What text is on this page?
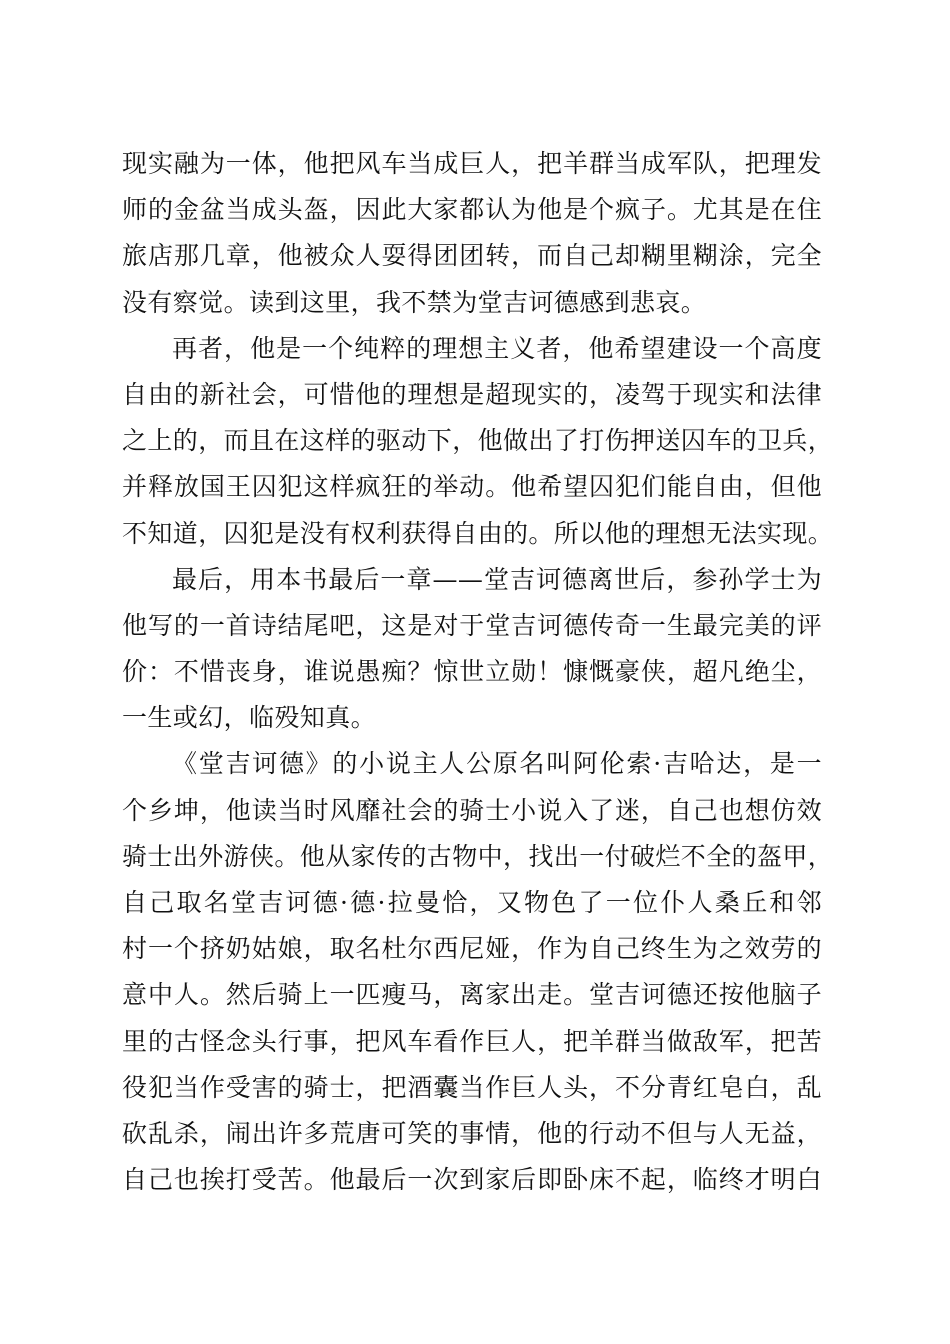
现实融为一体，他把风车当成巨人，把羊群当成军队，把理发
师的金盆当成头盔，因此大家都认为他是个疯子。尤其是在住
旅店那几章，他被众人耍得团团转，而自己却糊里糊涂，完全
没有察觉。读到这里，我不禁为堂吉诃德感到悲哀。
再者，他是一个纯粹的理想主义者，他希望建设一个高度
自由的新社会，可惜他的理想是超现实的，凌驾于现实和法律
之上的，而且在这样的驱动下，他做出了打伤押送囚车的卫兵，
并释放国王囚犯这样疯狂的举动。他希望囚犯们能自由，但他
不知道，囚犯是没有权利获得自由的。所以他的理想无法实现。
最后，用本书最后一章——堂吉诃德离世后，参孙学士为
他写的一首诗结尾吧，这是对于堂吉诃德传奇一生最完美的评
价：不惜丧身，谁说愚痴？惊世立勋！慷慨豪侠，超凡绝尘，
一生或幻，临殁知真。
《堂吉诃德》的小说主人公原名叫阿伦索·吉哈达，是一
个乡坤，他读当时风靡社会的骑士小说入了迷，自己也想仿效
骑士出外游侠。他从家传的古物中，找出一付破烂不全的盔甲，
自己取名堂吉诃德·德·拉曼恰，又物色了一位仆人桑丘和邻
村一个挤奶姑娘，取名杜尔西尼娅，作为自己终生为之效劳的
意中人。然后骑上一匹瘦马，离家出走。堂吉诃德还按他脑子
里的古怪念头行事，把风车看作巨人，把羊群当做敌军，把苦
役犯当作受害的骑士，把酒囊当作巨人头，不分青红皂白，乱
砍乱杀，闹出许多荒唐可笑的事情，他的行动不但与人无益，
自己也挨打受苦。他最后一次到家后即卧床不起，临终才明白
